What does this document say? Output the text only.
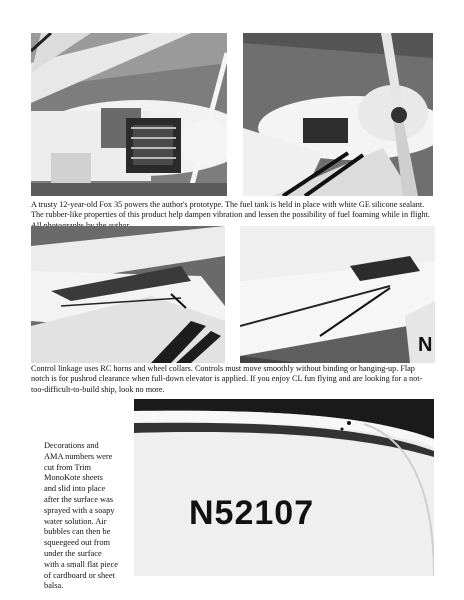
A trusty 12-year-old Fox 35 powers the author's prototype. The fuel tank is held in place with white GE silicone sealant. The rubber-like properties of this product help dampen vibration and lessen the possibility of fuel foaming while in flight.

N

Control linkage uses RC horns and wheel collars. Controls must move smoothly without binding or hanging-up. Flap notch is for pushrod clearance when full-down elevator is applied. If you enjoy CL fun flying and are looking for a not-too-difficult-to-build ship, look no more.

Decorations and
AMA numbers were
cut from Trim
MonoKote sheets
and slid into place
after the surface was
sprayed with a soapy
water solution. Air
bubbles can then be
squeegeed out from
under the surface
with a small flat piece
of cardboard or sheet
balsa.
N52107
